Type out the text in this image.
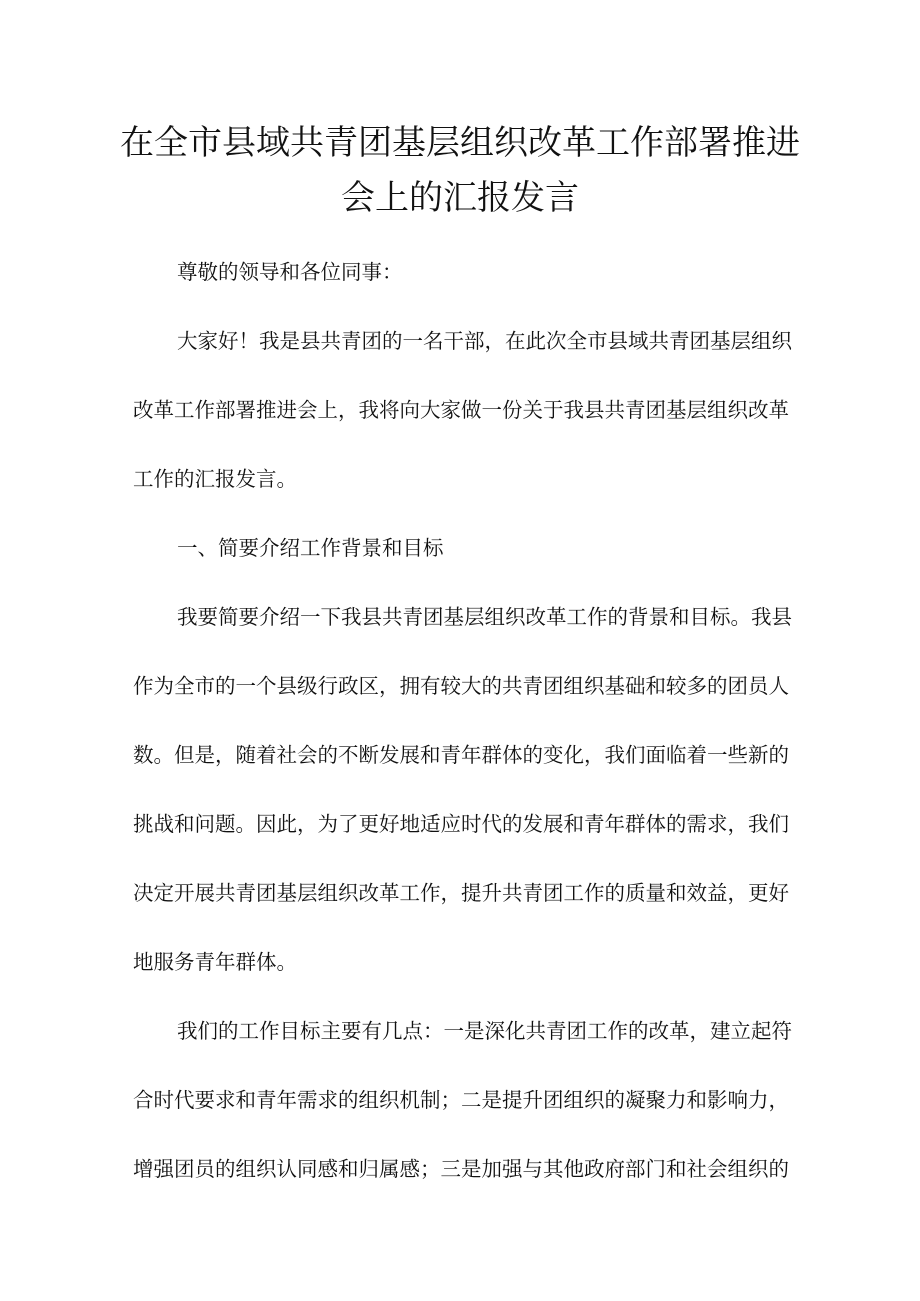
在全市县域共青团基层组织改革工作部署推进会上的汇报发言

尊敬的领导和各位同事：

大家好！我是县共青团的一名干部，在此次全市县域共青团基层组织改革工作部署推进会上，我将向大家做一份关于我县共青团基层组织改革工作的汇报发言。

一、简要介绍工作背景和目标

我要简要介绍一下我县共青团基层组织改革工作的背景和目标。我县作为全市的一个县级行政区，拥有较大的共青团组织基础和较多的团员人数。但是，随着社会的不断发展和青年群体的变化，我们面临着一些新的挑战和问题。因此，为了更好地适应时代的发展和青年群体的需求，我们决定开展共青团基层组织改革工作，提升共青团工作的质量和效益，更好地服务青年群体。

我们的工作目标主要有几点：一是深化共青团工作的改革，建立起符合时代要求和青年需求的组织机制；二是提升团组织的凝聚力和影响力，增强团员的组织认同感和归属感；三是加强与其他政府部门和社会组织的
